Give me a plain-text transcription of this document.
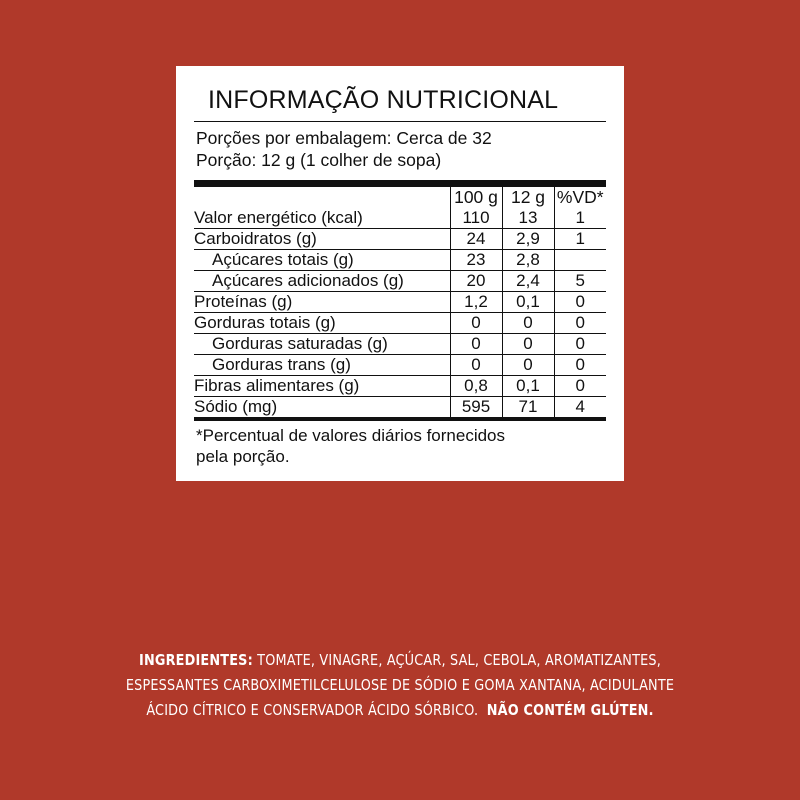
INFORMAÇÃO NUTRICIONAL
Porções por embalagem: Cerca de 32
Porção: 12 g (1 colher de sopa)
	100 g	12 g	%VD*
Valor energético (kcal)	110	13	1
Carboidratos (g)	24	2,9	1
Açúcares totais (g)	23	2,8	
Açúcares adicionados (g)	20	2,4	5
Proteínas (g)	1,2	0,1	0
Gorduras totais (g)	0	0	0
Gorduras saturadas (g)	0	0	0
Gorduras trans (g)	0	0	0
Fibras alimentares (g)	0,8	0,1	0
Sódio (mg)	595	71	4
*Percentual de valores diários fornecidos
pela porção.
INGREDIENTES: TOMATE, VINAGRE, AÇÚCAR, SAL, CEBOLA, AROMATIZANTES,
ESPESSANTES CARBOXIMETILCELULOSE DE SÓDIO E GOMA XANTANA, ACIDULANTE
ÁCIDO CÍTRICO E CONSERVADOR ÁCIDO SÓRBICO. NÃO CONTÉM GLÚTEN.
